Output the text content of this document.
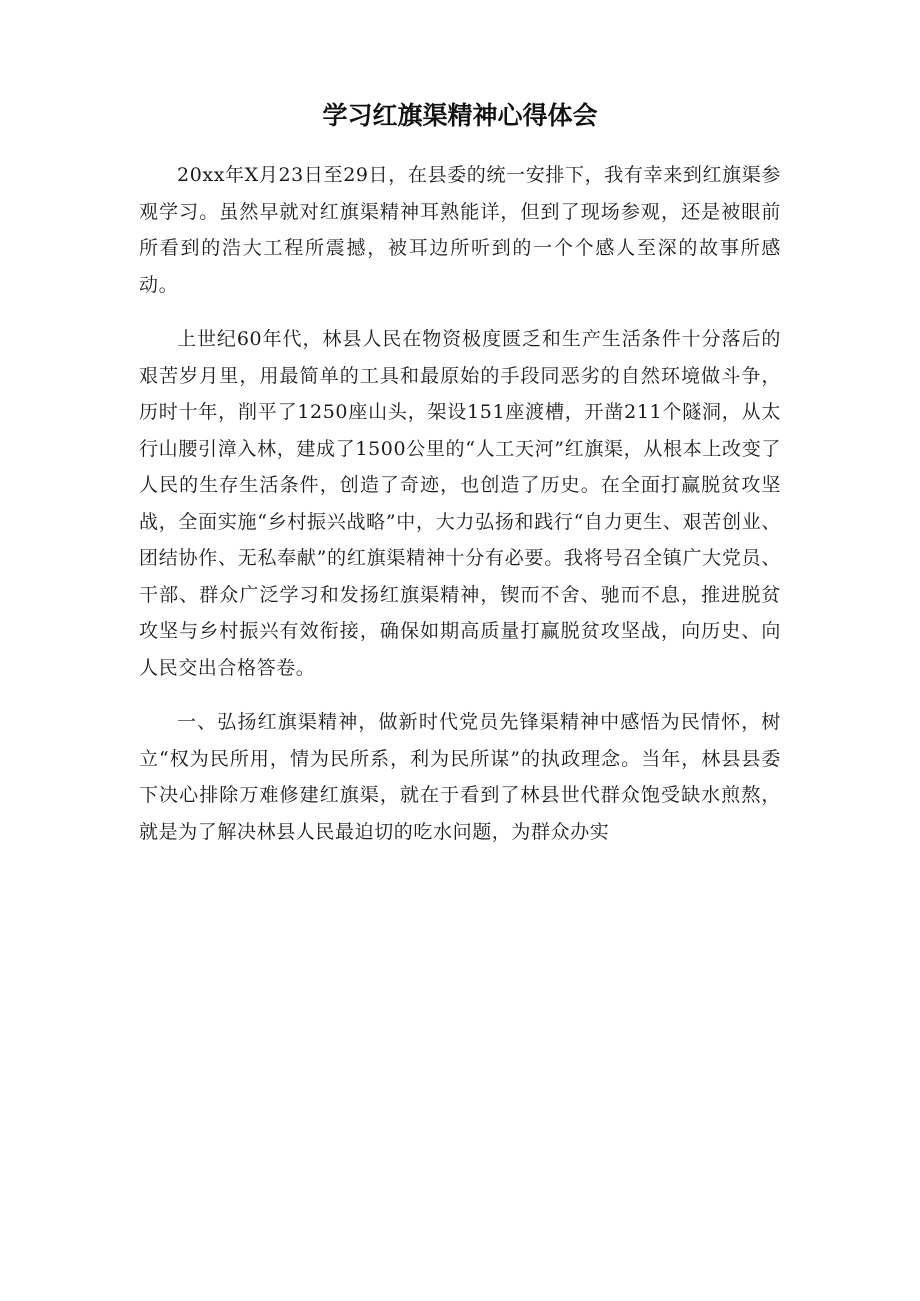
学习红旗渠精神心得体会

20xx年X月23日至29日，在县委的统一安排下，我有幸来到红旗渠参观学习。虽然早就对红旗渠精神耳熟能详，但到了现场参观，还是被眼前所看到的浩大工程所震撼，被耳边所听到的一个个感人至深的故事所感动。

上世纪60年代，林县人民在物资极度匮乏和生产生活条件十分落后的艰苦岁月里，用最简单的工具和最原始的手段同恶劣的自然环境做斗争，历时十年，削平了1250座山头，架设151座渡槽，开凿211个隧洞，从太行山腰引漳入林，建成了1500公里的“人工天河”红旗渠，从根本上改变了人民的生存生活条件，创造了奇迹，也创造了历史。在全面打赢脱贫攻坚战，全面实施“乡村振兴战略”中，大力弘扬和践行“自力更生、艰苦创业、团结协作、无私奉献”的红旗渠精神十分有必要。我将号召全镇广大党员、干部、群众广泛学习和发扬红旗渠精神，锲而不舍、驰而不息，推进脱贫攻坚与乡村振兴有效衔接，确保如期高质量打赢脱贫攻坚战，向历史、向人民交出合格答卷。

一、弘扬红旗渠精神，做新时代党员先锋渠精神中感悟为民情怀，树立“权为民所用，情为民所系，利为民所谋”的执政理念。当年，林县县委下决心排除万难修建红旗渠，就在于看到了林县世代群众饱受缺水煎熬，就是为了解决林县人民最迫切的吃水问题，为群众办实
